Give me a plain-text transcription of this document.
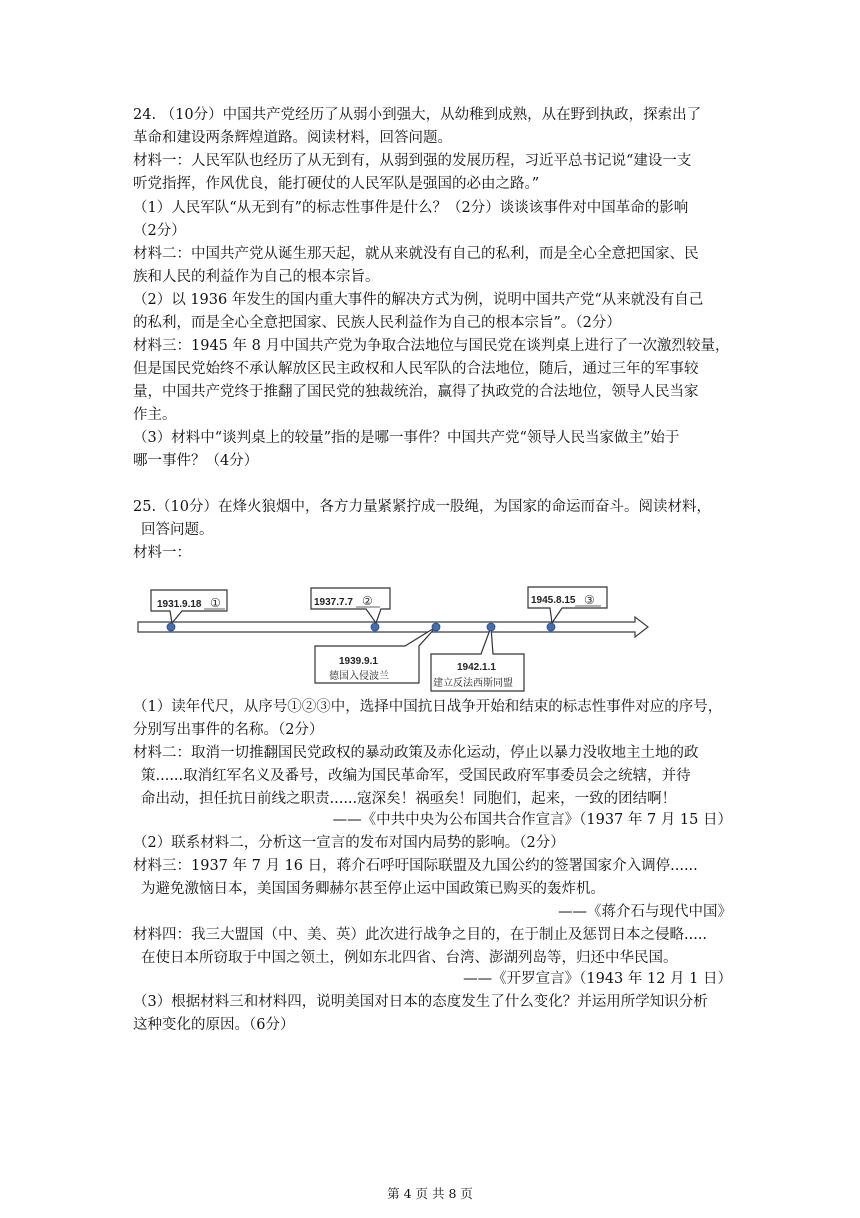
24. （10分）中国共产党经历了从弱小到强大，从幼稚到成熟，从在野到执政，探索出了
革命和建设两条辉煌道路。阅读材料，回答问题。
材料一：人民军队也经历了从无到有，从弱到强的发展历程，习近平总书记说“建设一支
听党指挥，作风优良，能打硬仗的人民军队是强国的必由之路。”
（1）人民军队“从无到有”的标志性事件是什么？（2分）谈谈该事件对中国革命的影响
（2分）
材料二：中国共产党从诞生那天起，就从来就没有自己的私利，而是全心全意把国家、民
族和人民的利益作为自己的根本宗旨。
（2）以 1936 年发生的国内重大事件的解决方式为例，说明中国共产党“从来就没有自己
的私利，而是全心全意把国家、民族人民利益作为自己的根本宗旨”。（2分）
材料三：1945 年 8 月中国共产党为争取合法地位与国民党在谈判桌上进行了一次激烈较量，
但是国民党始终不承认解放区民主政权和人民军队的合法地位，随后，通过三年的军事较
量，中国共产党终于推翻了国民党的独裁统治，赢得了执政党的合法地位，领导人民当家
作主。
（3）材料中“谈判桌上的较量”指的是哪一事件？中国共产党“领导人民当家做主”始于
哪一事件？（4分）
25.（10分）在烽火狼烟中，各方力量紧紧拧成一股绳，为国家的命运而奋斗。阅读材料，
回答问题。
材料一：
1931.9.18 ①	1937.7.7 ②	1945.8.15 ③
1939.9.1
德国入侵波兰
1942.1.1
建立反法西斯同盟
（1）读年代尺，从序号①②③中，选择中国抗日战争开始和结束的标志性事件对应的序号，
分别写出事件的名称。（2分）
材料二：取消一切推翻国民党政权的暴动政策及赤化运动，停止以暴力没收地主土地的政
策......取消红军名义及番号，改编为国民革命军，受国民政府军事委员会之统辖，并待
命出动，担任抗日前线之职责......寇深矣！祸亟矣！同胞们，起来，一致的团结啊！
——《中共中央为公布国共合作宣言》（1937 年 7 月 15 日）
（2）联系材料二，分析这一宣言的发布对国内局势的影响。（2分）
材料三：1937 年 7 月 16 日，蒋介石呼吁国际联盟及九国公约的签署国家介入调停......
为避免激恼日本，美国国务卿赫尔甚至停止运中国政策已购买的轰炸机。
——《蒋介石与现代中国》
材料四：我三大盟国（中、美、英）此次进行战争之目的，在于制止及惩罚日本之侵略.....
在使日本所窃取于中国之领土，例如东北四省、台湾、澎湖列岛等，归还中华民国。
——《开罗宣言》（1943 年 12 月 1 日）
（3）根据材料三和材料四，说明美国对日本的态度发生了什么变化？并运用所学知识分析
这种变化的原因。（6分）
第 4 页 共 8 页
